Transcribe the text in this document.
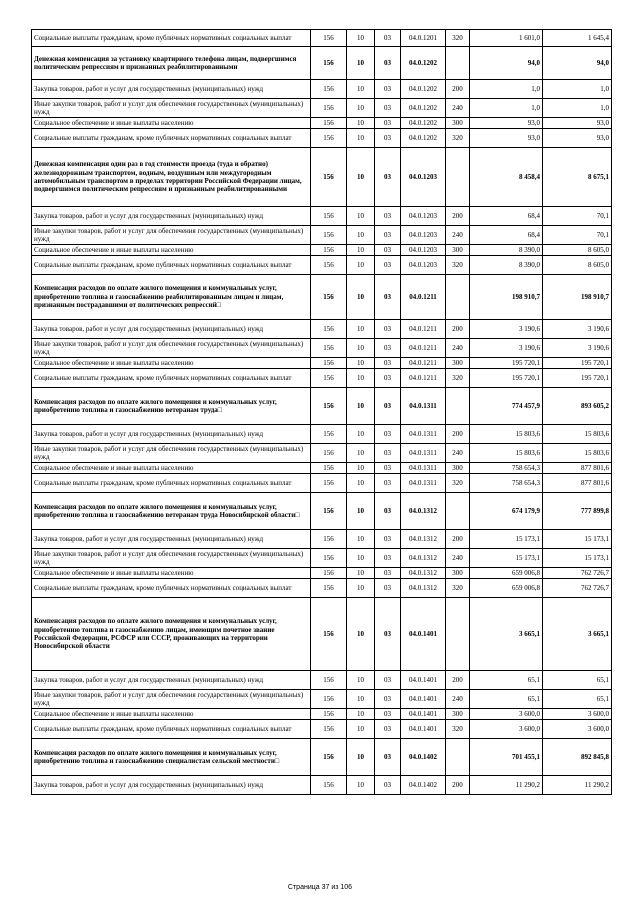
Социальные выплаты гражданам, кроме публичных нормативных социальных выплат	156	10	03	04.0.1201	320	1 601,0	1 645,4
Денежная компенсация за установку квартирного телефона лицам, подвергшимся политическим репрессиям и признанных реабилитированными	156	10	03	04.0.1202		94,0	94,0
Закупка товаров, работ и услуг для государственных (муниципальных) нужд	156	10	03	04.0.1202	200	1,0	1,0
Иные закупки товаров, работ и услуг для обеспечения государственных (муниципальных) нужд	156	10	03	04.0.1202	240	1,0	1,0
Социальное обеспечение и иные выплаты населению	156	10	03	04.0.1202	300	93,0	93,0
Социальные выплаты гражданам, кроме публичных нормативных социальных выплат	156	10	03	04.0.1202	320	93,0	93,0
Денежная компенсация один раз в год стоимости проезда (туда и обратно) железнодорожным транспортом, водным, воздушным или междугородным автомобильным транспортом в пределах территории Российской Федерации лицам, подвергшимся политическим репрессиям и признанным реабилитированными	156	10	03	04.0.1203		8 458,4	8 675,1
Закупка товаров, работ и услуг для государственных (муниципальных) нужд	156	10	03	04.0.1203	200	68,4	70,1
Иные закупки товаров, работ и услуг для обеспечения государственных (муниципальных) нужд	156	10	03	04.0.1203	240	68,4	70,1
Социальное обеспечение и иные выплаты населению	156	10	03	04.0.1203	300	8 390,0	8 605,0
Социальные выплаты гражданам, кроме публичных нормативных социальных выплат	156	10	03	04.0.1203	320	8 390,0	8 605,0
Компенсация расходов по оплате жилого помещения и коммунальных услуг, приобретению топлива и газоснабжению реабилитированным лицам и лицам, признанным пострадавшими от политических репрессий□	156	10	03	04.0.1211		198 910,7	198 910,7
Закупка товаров, работ и услуг для государственных (муниципальных) нужд	156	10	03	04.0.1211	200	3 190,6	3 190,6
Иные закупки товаров, работ и услуг для обеспечения государственных (муниципальных) нужд	156	10	03	04.0.1211	240	3 190,6	3 190,6
Социальное обеспечение и иные выплаты населению	156	10	03	04.0.1211	300	195 720,1	195 720,1
Социальные выплаты гражданам, кроме публичных нормативных социальных выплат	156	10	03	04.0.1211	320	195 720,1	195 720,1
Компенсация расходов по оплате жилого помещения и коммунальных услуг, приобретению топлива и газоснабжению ветеранам труда□	156	10	03	04.0.1311		774 457,9	893 605,2
Закупка товаров, работ и услуг для государственных (муниципальных) нужд	156	10	03	04.0.1311	200	15 803,6	15 803,6
Иные закупки товаров, работ и услуг для обеспечения государственных (муниципальных) нужд	156	10	03	04.0.1311	240	15 803,6	15 803,6
Социальное обеспечение и иные выплаты населению	156	10	03	04.0.1311	300	758 654,3	877 801,6
Социальные выплаты гражданам, кроме публичных нормативных социальных выплат	156	10	03	04.0.1311	320	758 654,3	877 801,6
Компенсация расходов по оплате жилого помещения и коммунальных услуг, приобретению топлива и газоснабжению ветеранам труда Новосибирской области□	156	10	03	04.0.1312		674 179,9	777 899,8
Закупка товаров, работ и услуг для государственных (муниципальных) нужд	156	10	03	04.0.1312	200	15 173,1	15 173,1
Иные закупки товаров, работ и услуг для обеспечения государственных (муниципальных) нужд	156	10	03	04.0.1312	240	15 173,1	15 173,1
Социальное обеспечение и иные выплаты населению	156	10	03	04.0.1312	300	659 006,8	762 726,7
Социальные выплаты гражданам, кроме публичных нормативных социальных выплат	156	10	03	04.0.1312	320	659 006,8	762 726,7
Компенсация расходов по оплате жилого помещения и коммунальных услуг, приобретению топлива и газоснабжению лицам, имеющим почетное звание Российской Федерации, РСФСР или СССР, проживающих на территории Новосибирской области	156	10	03	04.0.1401		3 665,1	3 665,1
Закупка товаров, работ и услуг для государственных (муниципальных) нужд	156	10	03	04.0.1401	200	65,1	65,1
Иные закупки товаров, работ и услуг для обеспечения государственных (муниципальных) нужд	156	10	03	04.0.1401	240	65,1	65,1
Социальное обеспечение и иные выплаты населению	156	10	03	04.0.1401	300	3 600,0	3 600,0
Социальные выплаты гражданам, кроме публичных нормативных социальных выплат	156	10	03	04.0.1401	320	3 600,0	3 600,0
Компенсация расходов по оплате жилого помещения и коммунальных услуг, приобретению топлива и газоснабжению специалистам сельской местности□	156	10	03	04.0.1402		701 455,1	892 845,8
Закупка товаров, работ и услуг для государственных (муниципальных) нужд	156	10	03	04.0.1402	200	11 290,2	11 290,2
Страница 37 из 106
